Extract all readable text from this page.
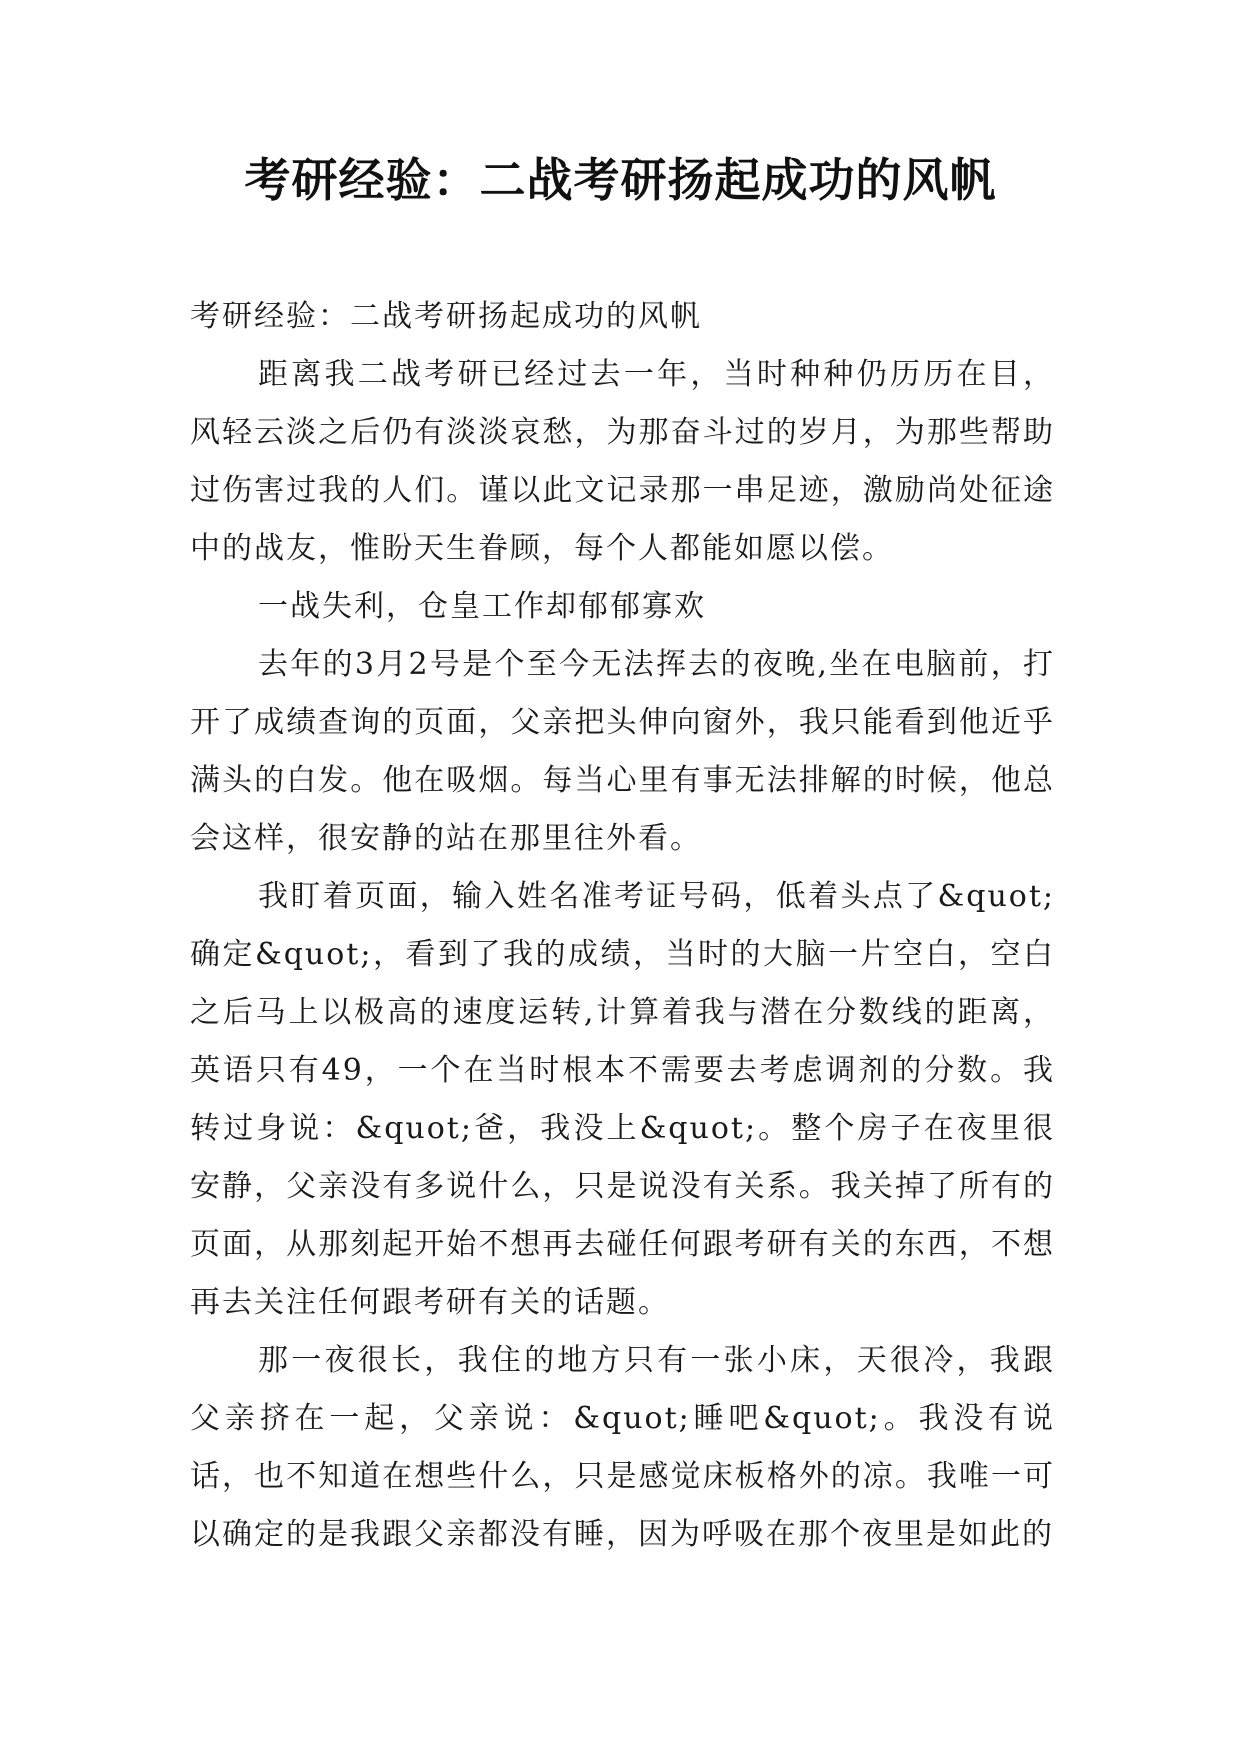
考研经验：二战考研扬起成功的风帆

考研经验：二战考研扬起成功的风帆

距离我二战考研已经过去一年，当时种种仍历历在目，风轻云淡之后仍有淡淡哀愁，为那奋斗过的岁月，为那些帮助过伤害过我的人们。谨以此文记录那一串足迹，激励尚处征途中的战友，惟盼天生眷顾，每个人都能如愿以偿。

一战失利，仓皇工作却郁郁寡欢

去年的3月2号是个至今无法挥去的夜晚,坐在电脑前，打开了成绩查询的页面，父亲把头伸向窗外，我只能看到他近乎满头的白发。他在吸烟。每当心里有事无法排解的时候，他总会这样，很安静的站在那里往外看。

我盯着页面，输入姓名准考证号码，低着头点了&quot;确定&quot;，看到了我的成绩，当时的大脑一片空白，空白之后马上以极高的速度运转,计算着我与潜在分数线的距离，英语只有49，一个在当时根本不需要去考虑调剂的分数。我转过身说：&quot;爸，我没上&quot;。整个房子在夜里很安静，父亲没有多说什么，只是说没有关系。我关掉了所有的页面，从那刻起开始不想再去碰任何跟考研有关的东西，不想再去关注任何跟考研有关的话题。

那一夜很长，我住的地方只有一张小床，天很冷，我跟父亲挤在一起，父亲说：&quot;睡吧&quot;。我没有说话，也不知道在想些什么，只是感觉床板格外的凉。我唯一可以确定的是我跟父亲都没有睡，因为呼吸在那个夜里是如此的
